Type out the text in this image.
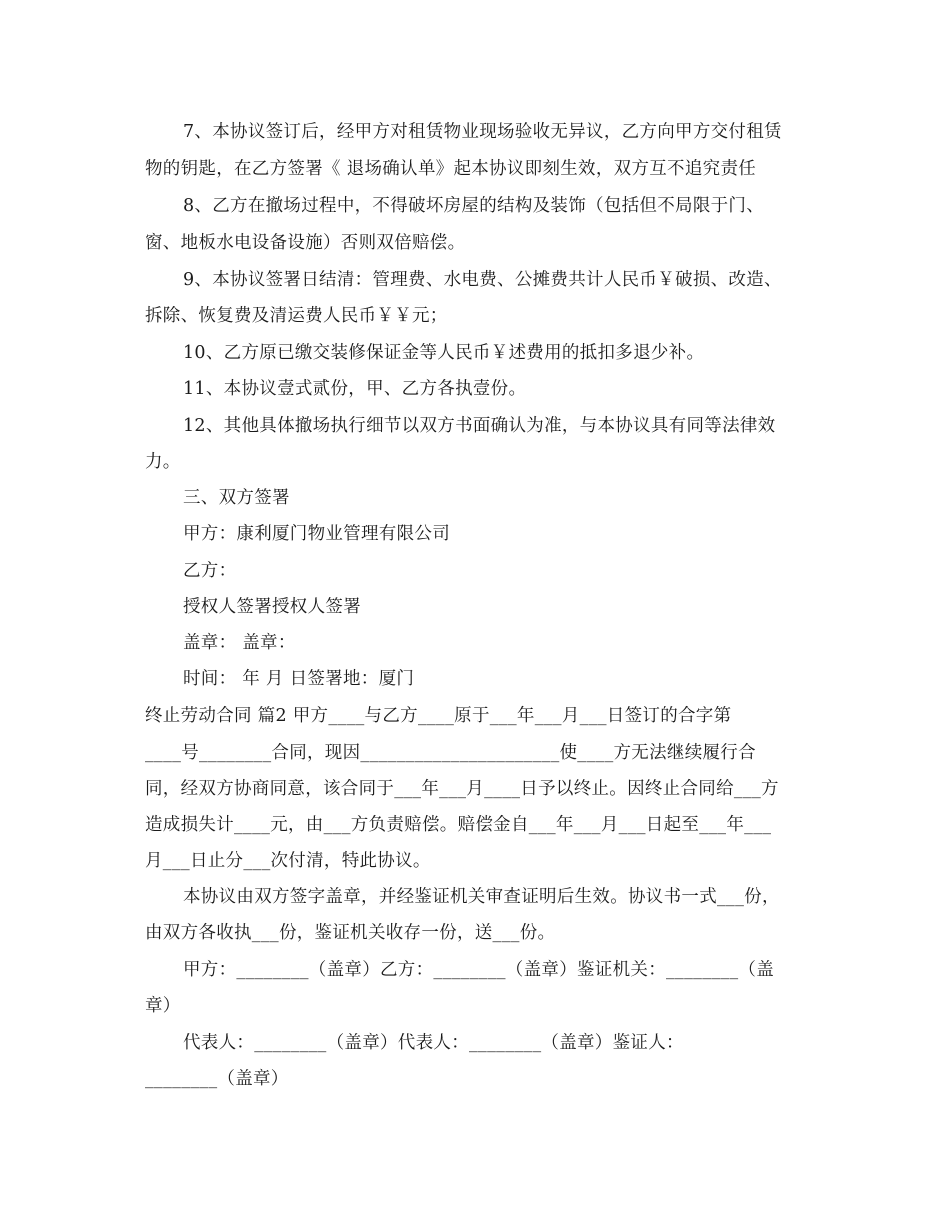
7、本协议签订后，经甲方对租赁物业现场验收无异议，乙方向甲方交付租赁
物的钥匙，在乙方签署《 退场确认单》起本协议即刻生效，双方互不追究责任
8、乙方在撤场过程中，不得破坏房屋的结构及装饰（包括但不局限于门、
窗、地板水电设备设施）否则双倍赔偿。
9、本协议签署日结清：管理费、水电费、公摊费共计人民币￥破损、改造、
拆除、恢复费及清运费人民币￥￥元；
10、乙方原已缴交装修保证金等人民币￥述费用的抵扣多退少补。
11、本协议壹式贰份，甲、乙方各执壹份。
12、其他具体撤场执行细节以双方书面确认为准，与本协议具有同等法律效
力。
三、双方签署
甲方：康利厦门物业管理有限公司
乙方：
授权人签署授权人签署
盖章： 盖章：
时间： 年 月 日签署地：厦门
终止劳动合同 篇2 甲方____与乙方____原于___年___月___日签订的合字第
____号________合同，现因______________________使____方无法继续履行合
同，经双方协商同意，该合同于___年___月____日予以终止。因终止合同给___方
造成损失计____元，由___方负责赔偿。赔偿金自___年___月___日起至___年___
月___日止分___次付清，特此协议。
本协议由双方签字盖章，并经鉴证机关审查证明后生效。协议书一式___份，
由双方各收执___份，鉴证机关收存一份，送___份。
甲方：________（盖章）乙方：________（盖章）鉴证机关：________（盖
章）
代表人：________（盖章）代表人：________（盖章）鉴证人：
________（盖章）
